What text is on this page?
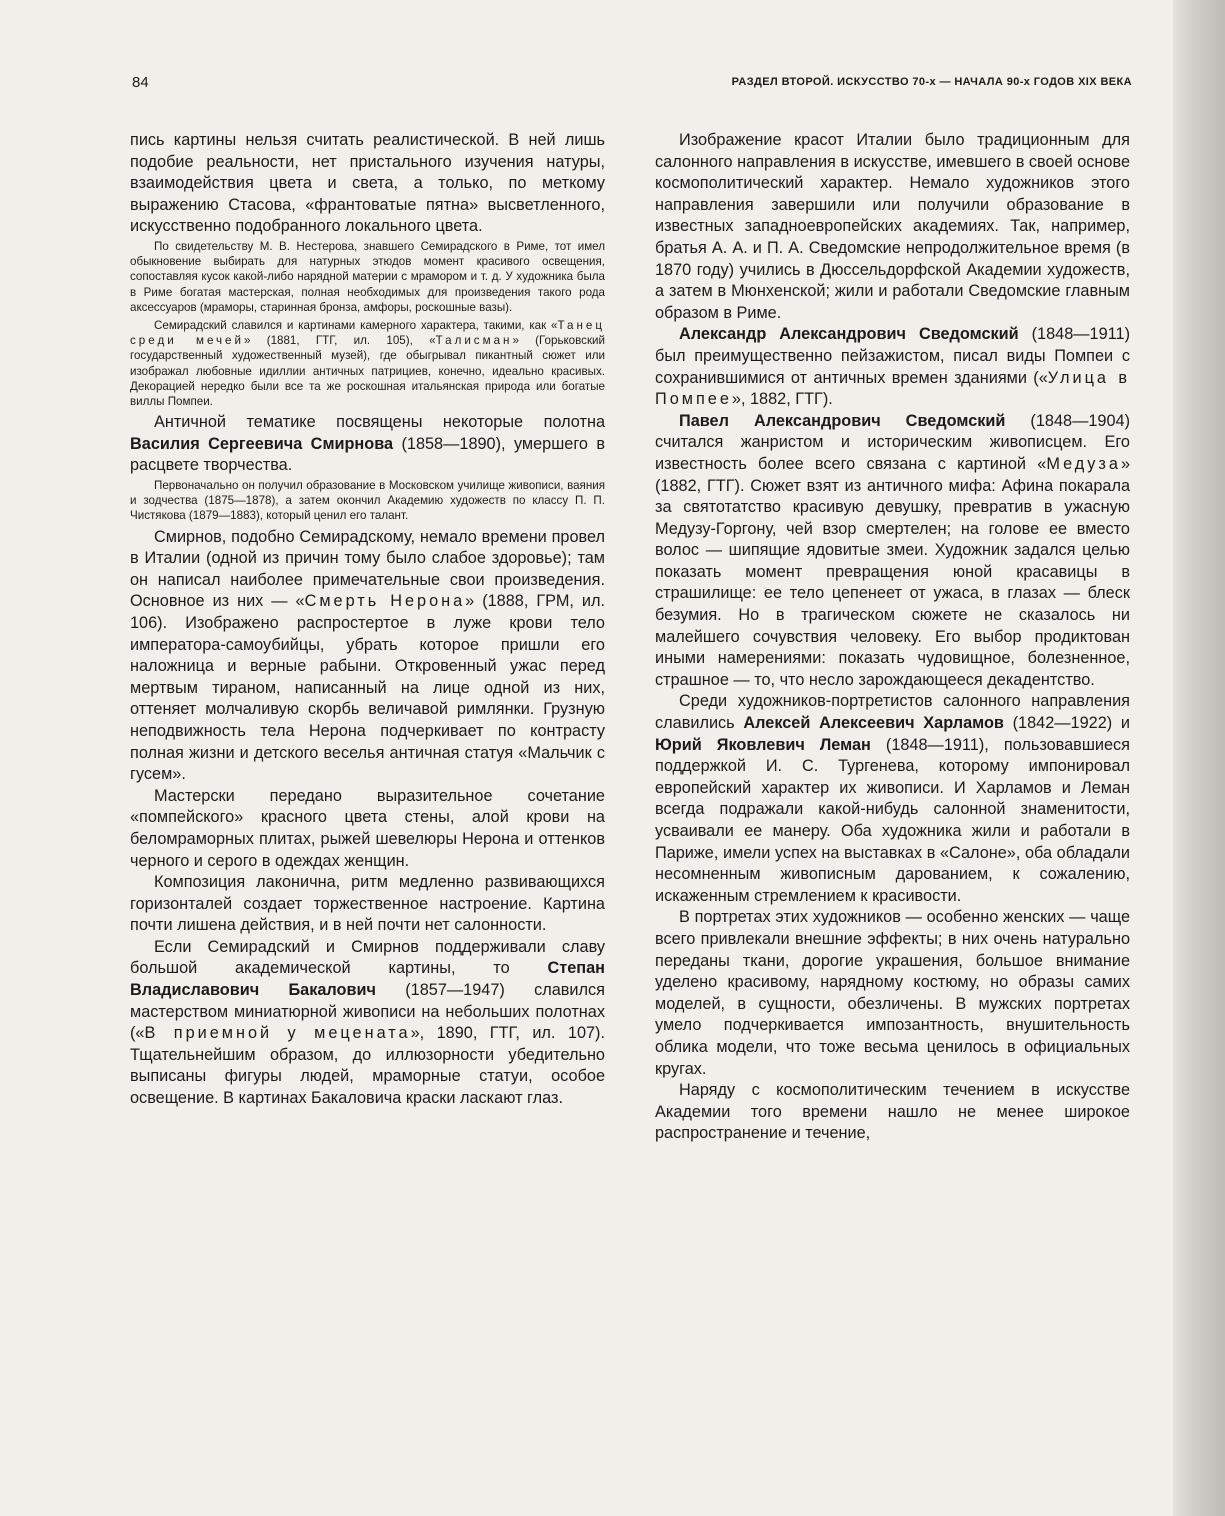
84	РАЗДЕЛ ВТОРОЙ. ИСКУССТВО 70-х — НАЧАЛА 90-х ГОДОВ XIX ВЕКА

пись картины нельзя считать реалистической. В ней лишь подобие реальности, нет пристального изучения натуры, взаимодействия цвета и света, а только, по меткому выражению Стасова, «франтоватые пятна» высветленного, искусственно подобранного локального цвета.

По свидетельству М. В. Нестерова, знавшего Семирадского в Риме, тот имел обыкновение выбирать для натурных этюдов момент красивого освещения, сопоставляя кусок какой-либо нарядной материи с мрамором и т. д. У художника была в Риме богатая мастерская, полная необходимых для произведения такого рода аксессуаров (мраморы, старинная бронза, амфоры, роскошные вазы).

Семирадский славился и картинами камерного характера, такими, как «Танец среди мечей» (1881, ГТГ, ил. 105), «Талисман» (Горьковский государственный художественный музей), где обыгрывал пикантный сюжет или изображал любовные идиллии античных патрициев, конечно, идеально красивых. Декорацией нередко были все та же роскошная итальянская природа или богатые виллы Помпеи.

Античной тематике посвящены некоторые полотна Василия Сергеевича Смирнова (1858—1890), умершего в расцвете творчества.

Первоначально он получил образование в Московском училище живописи, ваяния и зодчества (1875—1878), а затем окончил Академию художеств по классу П. П. Чистякова (1879—1883), который ценил его талант.

Смирнов, подобно Семирадскому, немало времени провел в Италии (одной из причин тому было слабое здоровье); там он написал наиболее примечательные свои произведения. Основное из них — «Смерть Нерона» (1888, ГРМ, ил. 106). Изображено распростертое в луже крови тело императора-самоубийцы, убрать которое пришли его наложница и верные рабыни. Откровенный ужас перед мертвым тираном, написанный на лице одной из них, оттеняет молчаливую скорбь величавой римлянки. Грузную неподвижность тела Нерона подчеркивает по контрасту полная жизни и детского веселья античная статуя «Мальчик с гусем».

Мастерски передано выразительное сочетание «помпейского» красного цвета стены, алой крови на беломраморных плитах, рыжей шевелюры Нерона и оттенков черного и серого в одеждах женщин.

Композиция лаконична, ритм медленно развивающихся горизонталей создает торжественное настроение. Картина почти лишена действия, и в ней почти нет салонности.

Если Семирадский и Смирнов поддерживали славу большой академической картины, то Степан Владиславович Бакалович (1857—1947) славился мастерством миниатюрной живописи на небольших полотнах («В приемной у мецената», 1890, ГТГ, ил. 107). Тщательнейшим образом, до иллюзорности убедительно выписаны фигуры людей, мраморные статуи, особое освещение. В картинах Бакаловича краски ласкают глаз.

Изображение красот Италии было традиционным для салонного направления в искусстве, имевшего в своей основе космополитический характер. Немало художников этого направления завершили или получили образование в известных западноевропейских академиях. Так, например, братья А. А. и П. А. Сведомские непродолжительное время (в 1870 году) учились в Дюссельдорфской Академии художеств, а затем в Мюнхенской; жили и работали Сведомские главным образом в Риме.

Александр Александрович Сведомский (1848—1911) был преимущественно пейзажистом, писал виды Помпеи с сохранившимися от античных времен зданиями («Улица в Помпее», 1882, ГТГ).

Павел Александрович Сведомский (1848—1904) считался жанристом и историческим живописцем. Его известность более всего связана с картиной «Медуза» (1882, ГТГ). Сюжет взят из античного мифа: Афина покарала за святотатство красивую девушку, превратив в ужасную Медузу-Горгону, чей взор смертелен; на голове ее вместо волос — шипящие ядовитые змеи. Художник задался целью показать момент превращения юной красавицы в страшилище: ее тело цепенеет от ужаса, в глазах — блеск безумия. Но в трагическом сюжете не сказалось ни малейшего сочувствия человеку. Его выбор продиктован иными намерениями: показать чудовищное, болезненное, страшное — то, что несло зарождающееся декадентство.

Среди художников-портретистов салонного направления славились Алексей Алексеевич Харламов (1842—1922) и Юрий Яковлевич Леман (1848—1911), пользовавшиеся поддержкой И. С. Тургенева, которому импонировал европейский характер их живописи. И Харламов и Леман всегда подражали какой-нибудь салонной знаменитости, усваивали ее манеру. Оба художника жили и работали в Париже, имели успех на выставках в «Салоне», оба обладали несомненным живописным дарованием, к сожалению, искаженным стремлением к красивости.

В портретах этих художников — особенно женских — чаще всего привлекали внешние эффекты; в них очень натурально переданы ткани, дорогие украшения, большое внимание уделено красивому, нарядному костюму, но образы самих моделей, в сущности, обезличены. В мужских портретах умело подчеркивается импозантность, внушительность облика модели, что тоже весьма ценилось в официальных кругах.

Наряду с космополитическим течением в искусстве Академии того времени нашло не менее широкое распространение и течение,
